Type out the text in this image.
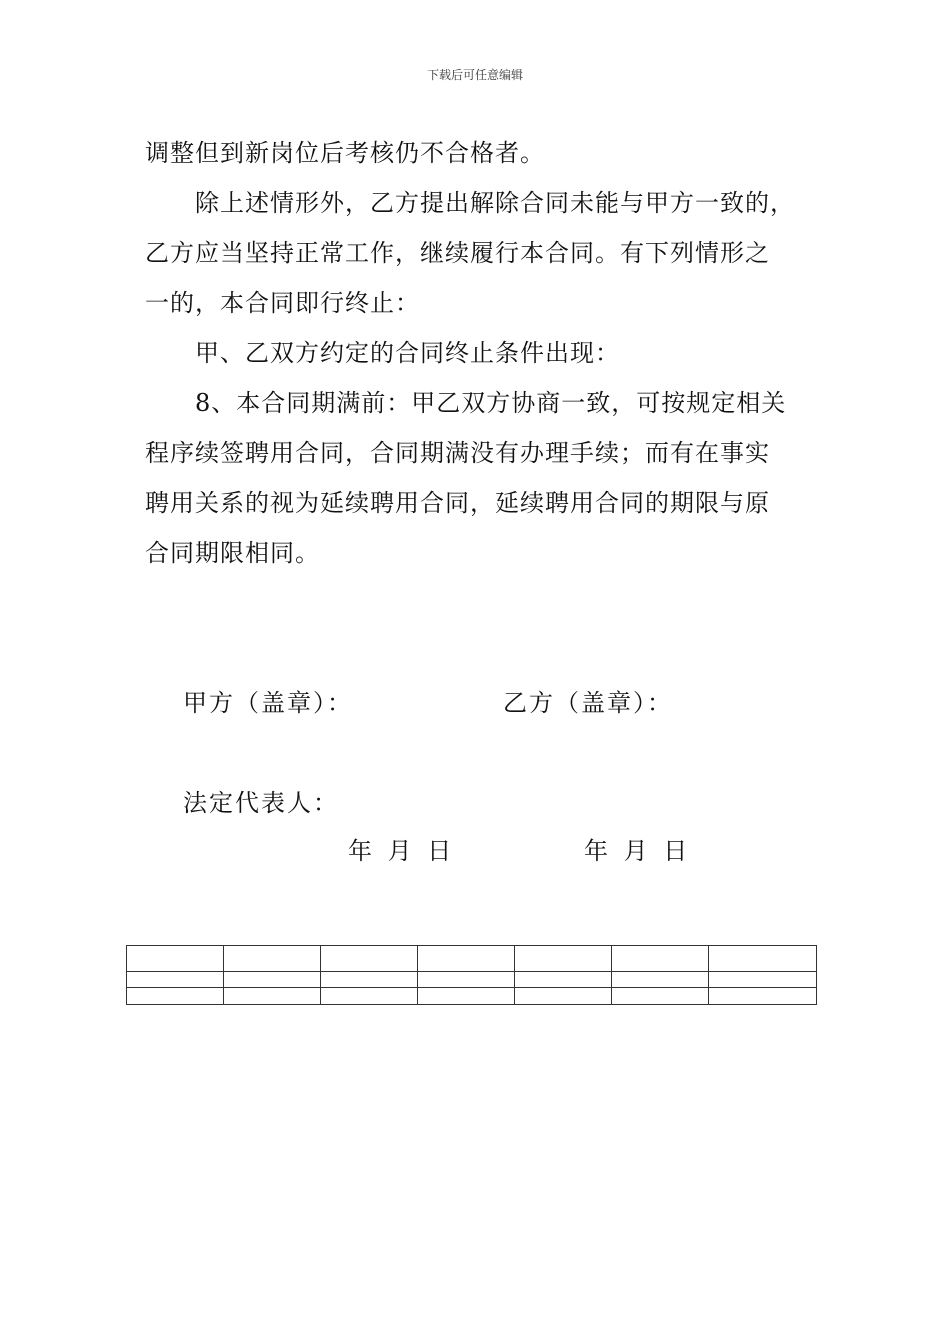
下载后可任意编辑
调整但到新岗位后考核仍不合格者。
除上述情形外，乙方提出解除合同未能与甲方一致的，
乙方应当坚持正常工作，继续履行本合同。有下列情形之
一的，本合同即行终止：
甲、乙双方约定的合同终止条件出现：
8、本合同期满前：甲乙双方协商一致，可按规定相关
程序续签聘用合同，合同期满没有办理手续；而有在事实
聘用关系的视为延续聘用合同，延续聘用合同的期限与原
合同期限相同。
甲方（盖章）：	乙方（盖章）：
法定代表人：
年 月 日	年 月 日
